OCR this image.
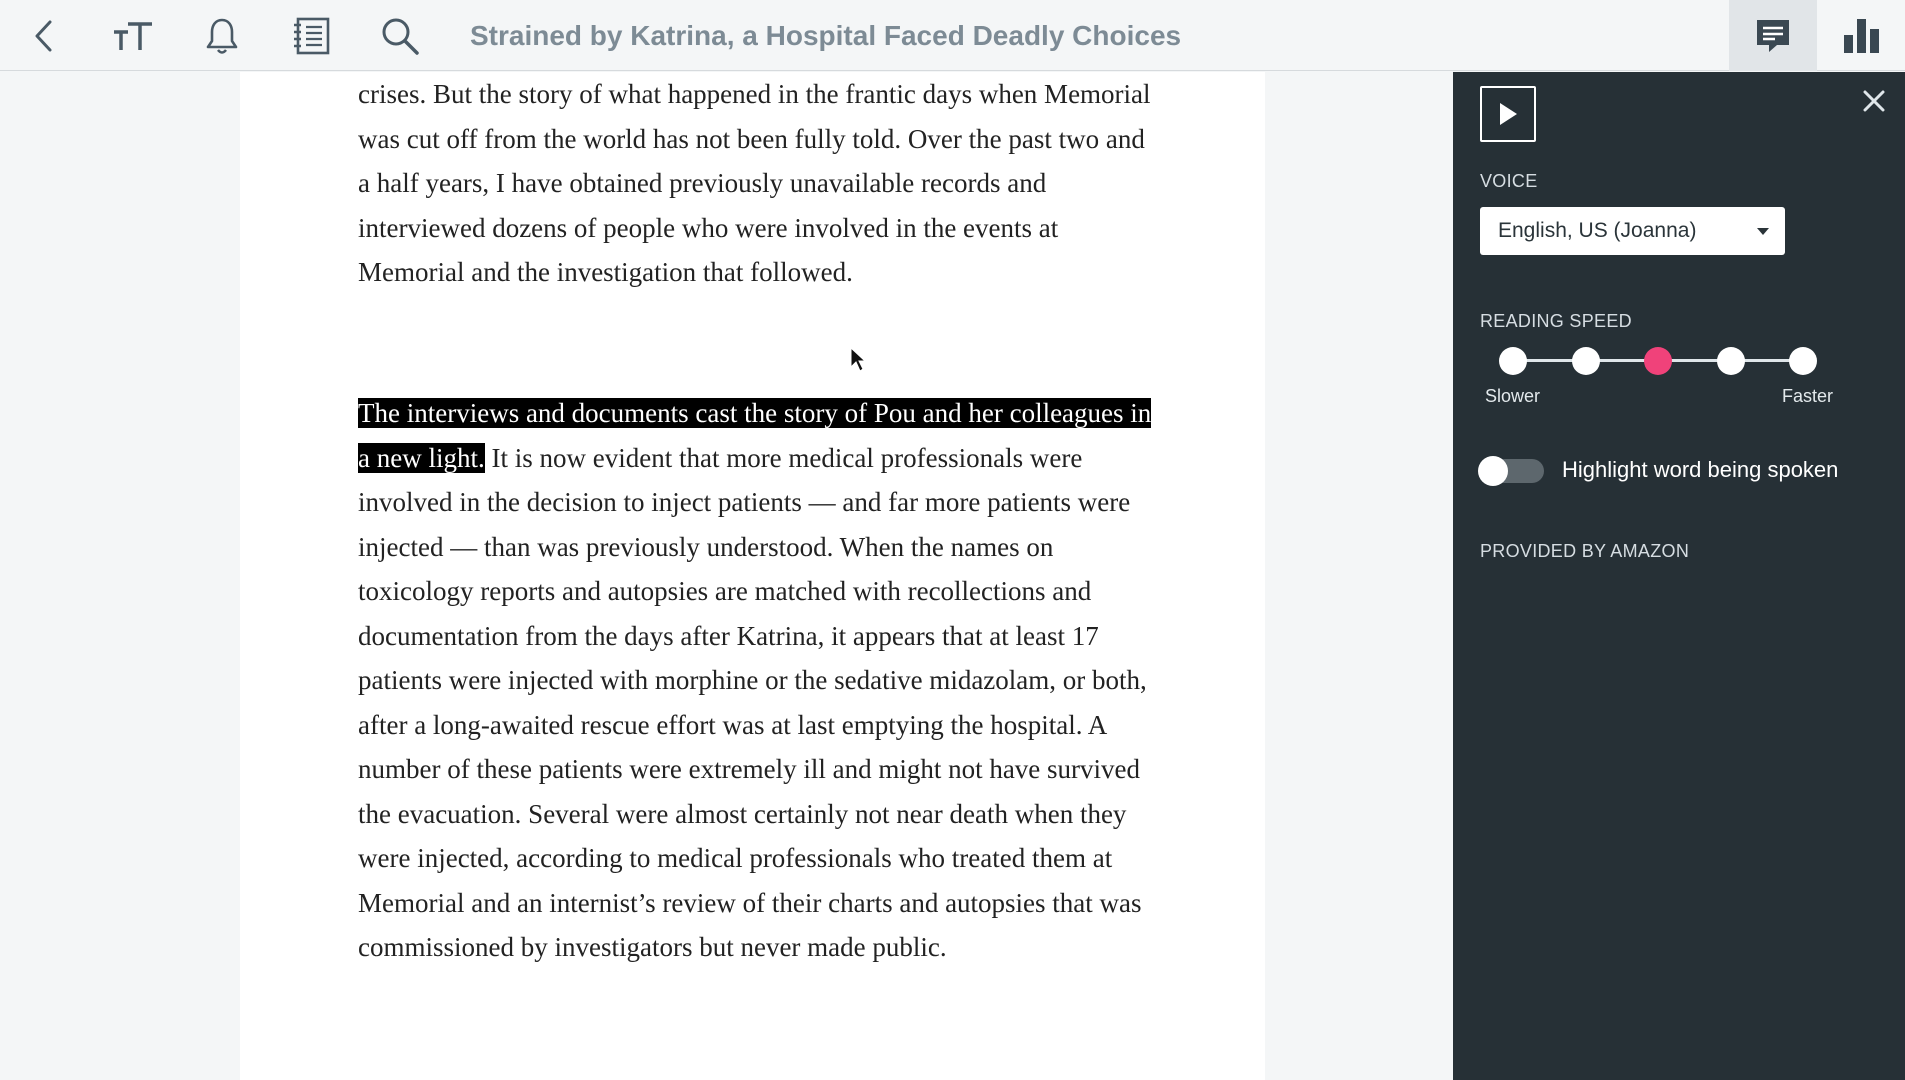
Strained by Katrina, a Hospital Faced Deadly Choices

crises. But the story of what happened in the frantic days when Memorial was cut off from the world has not been fully told. Over the past two and a half years, I have obtained previously unavailable records and interviewed dozens of people who were involved in the events at Memorial and the investigation that followed.

The interviews and documents cast the story of Pou and her colleagues in a new light. It is now evident that more medical professionals were involved in the decision to inject patients — and far more patients were injected — than was previously understood. When the names on toxicology reports and autopsies are matched with recollections and documentation from the days after Katrina, it appears that at least 17 patients were injected with morphine or the sedative midazolam, or both, after a long-awaited rescue effort was at last emptying the hospital. A number of these patients were extremely ill and might not have survived the evacuation. Several were almost certainly not near death when they were injected, according to medical professionals who treated them at Memorial and an internist’s review of their charts and autopsies that was commissioned by investigators but never made public.

VOICE
English, US (Joanna)
READING SPEED
Slower	Faster
Highlight word being spoken
PROVIDED BY AMAZON
